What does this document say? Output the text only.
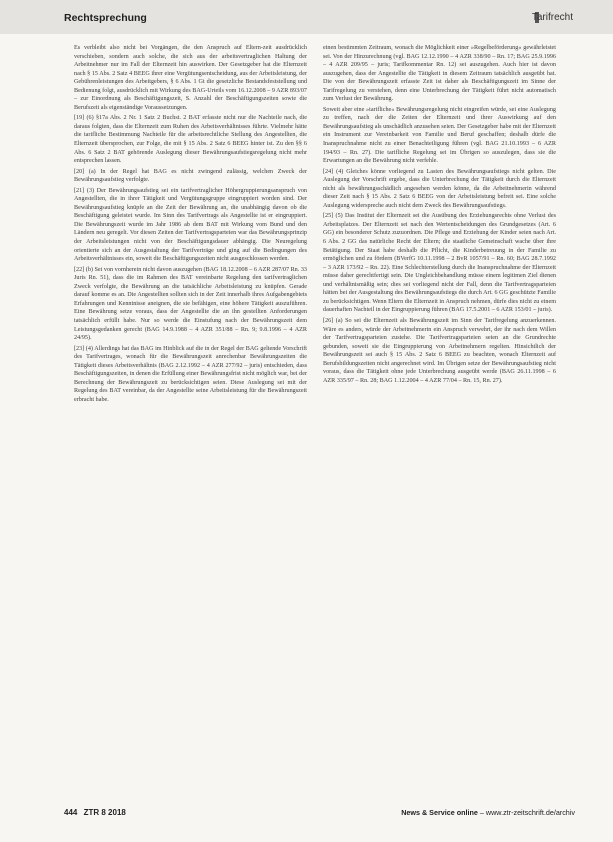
Rechtsprechung	Tarifrecht
Es verbleibt also nicht bei Vorgängen, die den Anspruch auf Eltern-zeit ausdrücklich verschieben, sondern auch solche, die sich aus der arbeitsvertraglichen Haltung der Arbeitnehmer nur im Fall der Elternzeit hin auswirken. Der Gesetzgeber hat die Elternzeit nach § 15 Abs. 2 Satz 4 BEEG ihrer eine Vergütungsentscheidung, aus der Arbeitsleistung, der Gebührenleistungen des Arbeitgebers, § 6 Abs. 1 Gt die gesetzliche Bestandsfeststellung und Bedienung folgt, ausdrücklich mit Wirkung des BAG-Urteils vom 16.12.2008 – 9 AZR 893/07 – zur Einordnung als Beschäftigungszeit, S. Anzahl der Beschäftigungszeiten sowie die Berufszeit als eigenständige Voraussetzungen.
[19] (6) §17a Abs. 2 Nr. 1 Satz 2 Buchst. 2 BAT erfasste nicht nur die Nachteile nach, die daraus folgten, dass die Elternzeit zum Ruhen des Arbeitsverhältnisses führte. Vielmehr hätte die tarifliche Bestimmung Nachteile für die arbeitsrechtliche Stellung des Angestellten, die Elternzeit übersprochen, zur Folge, die mit § 15 Abs. 2 Satz 6 BEEG hinter ist. Zu den §§ 6 Abs. 6 Satz 2 BAT gehörende Auslegung dieser Bewährungsaufstiegsregelung nicht mehr entsprechen lassen.
[20] (a) In der Regel hat BAG es nicht zwingend zulässig, welchen Zweck der Bewährungsaufstieg verfolgte.
[21] (3) Der Bewährungsaufstieg sei ein tarifvertraglicher Höhergruppierungsanspruch von Angestellten, die in ihrer Tätigkeit und Vergütungsgruppe eingruppiert worden sind. Der Bewährungsaufstieg knüpfe an die Zeit der Bewährung an, die unabhängig davon ob die Beschäftigung geleistet wurde. Im Sinn des Tarifvertrags als Angestellte ist er eingruppiert. Die Bewährungszeit wurde im Jahr 1986 ab dem BAT mit Wirkung vom Bund und den Ländern neu geregelt. Vor diesen Zeiten der Tarifvertragsparteien war das Bewährungsprinzip der Arbeitsleistungen nicht von der Beschäftigungsdauer abhängig. Die Neuregelung orientierte sich an der Ausgestaltung der Tarifverträge und ging auf die Bedingungen des Arbeitsverhältnisses ein, soweit die Beschäftigungszeiten nicht ausgeschlossen werden.
[22] (b) Sei von vornherein nicht davon auszugehen (BAG 18.12.2008 – 6 AZR 287/07 Rn. 33 Juris Rn. 51), dass die im Rahmen des BAT vereinbarte Regelung den tarifvertraglichen Zweck verfolgte, die Bewährung an die tatsächliche Arbeitsleistung zu knüpfen. Gerade darauf komme es an. Die Angestellten sollten sich in der Zeit innerhalb ihres Aufgabengebiets Erfahrungen und Kenntnisse aneignen, die sie befähigen, eine höhere Tätigkeit auszuführen. Eine Bewährung setze voraus, dass der Angestellte die an ihn gestellten Anforderungen tatsächlich erfüllt habe. Nur so werde die Einstufung nach der Bewährungszeit dem Leistungsgedanken gerecht (BAG 14.9.1988 – 4 AZR 351/88 – Rn. 9; 9.8.1996 – 4 AZR 24/95).
[23] (4) Allerdings hat das BAG im Hinblick auf die in der Regel der BAG geltende Vorschrift des Tarifvertrages, wonach für die Bewährungszeit anrechenbar Bewährungszeiten die Tätigkeit dieses Arbeitsverhältnis (BAG 2.12.1992 – 4 AZR 277/92 – juris) entschieden, dass Beschäftigungszeiten, in denen die Erfüllung einer Bewährungsfrist nicht möglich war, bei der Berechnung der Bewährungszeit zu berücksichtigen seien. Diese Auslegung sei mit der Regelung des BAT vereinbar, da der Angestellte seine Arbeitsleistung für die Bewährungszeit erbracht habe.
einen bestimmten Zeitraum, wonach die Möglichkeit einer »Regelbeförderung« gewährleistet sei. Von der Hinzurechnung (vgl. BAG 12.12.1990 – 4 AZR 338/90 – Rn. 17; BAG 25.9.1996 – 4 AZR 209/95 – juris; Tarifkommentar Rn. 12) sei auszugehen. Auch hier ist davon auszugehen, dass der Angestellte die Tätigkeit in diesem Zeitraum tatsächlich ausgeübt hat. Die von der Bewährungszeit erfasste Zeit ist daher als Beschäftigungszeit im Sinne der Tarifregelung zu verstehen, denn eine Unterbrechung der Tätigkeit führt nicht automatisch zum Verlust der Bewährung.
Soweit aber eine »tarifliche« Bewährungsregelung nicht eingreifen würde, sei eine Auslegung zu treffen, nach der die Zeiten der Elternzeit und ihrer Auswirkung auf den Bewährungsaufstieg als unschädlich anzusehen seien. Der Gesetzgeber habe mit der Elternzeit ein Instrument zur Vereinbarkeit von Familie und Beruf geschaffen; deshalb dürfe die Inanspruchnahme nicht zu einer Benachteiligung führen (vgl. BAG 21.10.1993 – 6 AZR 194/93 – Rn. 27). Die tarifliche Regelung sei im Übrigen so auszulegen, dass sie die Erwartungen an die Bewährung nicht verfehle.
[24] (4) Gleiches könne vorliegend zu Lasten des Bewährungsaufstiegs nicht gelten. Die Auslegung der Vorschrift ergebe, dass die Unterbrechung der Tätigkeit durch die Elternzeit nicht als bewährungsschädlich angesehen werden könne, da die Arbeitnehmerin während dieser Zeit nach § 15 Abs. 2 Satz 6 BEEG von der Arbeitsleistung befreit sei. Eine solche Auslegung widerspreche auch nicht dem Zweck des Bewährungsaufstiegs.
[25] (5) Das Institut der Elternzeit sei die Ausübung des Erziehungsrechts ohne Verlust des Arbeitsplatzes. Der Elternzeit sei nach den Wertentscheidungen des Grundgesetzes (Art. 6 GG) ein besonderer Schutz zuzuordnen. Die Pflege und Erziehung der Kinder seien nach Art. 6 Abs. 2 GG das natürliche Recht der Eltern; die staatliche Gemeinschaft wache über ihre Betätigung. Der Staat habe deshalb die Pflicht, die Kinderbetreuung in der Familie zu ermöglichen und zu fördern (BVerfG 10.11.1998 – 2 BvR 1057/91 – Rn. 60; BAG 28.7.1992 – 3 AZR 173/92 – Rn. 22). Eine Schlechterstellung durch die Inanspruchnahme der Elternzeit müsse daher gerechtfertigt sein. Die Ungleichbehandlung müsse einem legitimen Ziel dienen und verhältnismäßig sein; dies sei vorliegend nicht der Fall, denn die Tarifvertragsparteien hätten bei der Ausgestaltung des Bewährungsaufstiegs die durch Art. 6 GG geschützte Familie zu berücksichtigen. Wenn Eltern die Elternzeit in Anspruch nehmen, dürfe dies nicht zu einem dauerhaften Nachteil in der Eingruppierung führen (BAG 17.5.2001 – 6 AZR 153/01 – juris).
[26] (a) So sei die Elternzeit als Bewährungszeit im Sinn der Tarifregelung anzuerkennen. Wäre es anders, würde der Arbeitnehmerin ein Anspruch verwehrt, der ihr nach dem Willen der Tarifvertragsparteien zustehe. Die Tarifvertragsparteien seien an die Grundrechte gebunden, soweit sie die Eingruppierung von Arbeitnehmern regelten. Hinsichtlich der Bewährungszeit sei auch § 15 Abs. 2 Satz 6 BEEG zu beachten, wonach Elternzeit auf Berufsbildungszeiten nicht angerechnet wird. Im Übrigen setze der Bewährungsaufstieg nicht voraus, dass die Tätigkeit ohne jede Unterbrechung ausgeübt werde (BAG 26.11.1998 – 6 AZR 335/97 – Rn. 28; BAG 1.12.2004 – 4 AZR 77/04 – Rn. 15, Rn. 27).
444 ZTR 8 2018	News & Service online – www.ztr-zeitschrift.de/archiv
